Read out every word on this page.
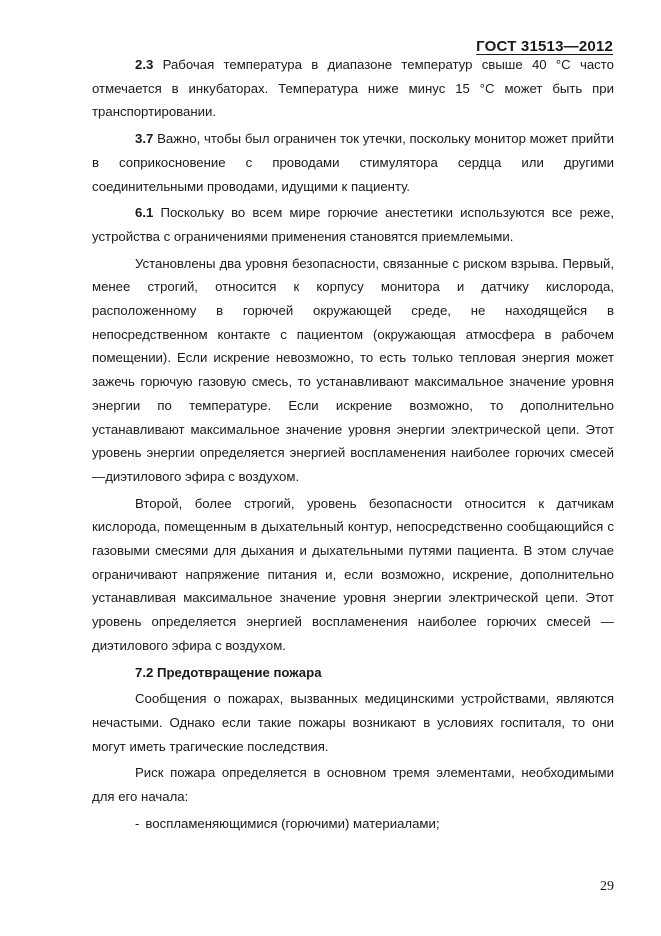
ГОСТ 31513—2012

2.3 Рабочая температура в диапазоне температур свыше 40 °С часто отмечается в инкубаторах. Температура ниже минус 15 °С может быть при транспортировании.

3.7 Важно, чтобы был ограничен ток утечки, поскольку монитор может прийти в соприкосновение с проводами стимулятора сердца или другими соединительными проводами, идущими к пациенту.

6.1 Поскольку во всем мире горючие анестетики используются все реже, устройства с ограничениями применения становятся приемлемыми.

Установлены два уровня безопасности, связанные с риском взрыва. Первый, менее строгий, относится к корпусу монитора и датчику кислорода, расположенному в горючей окружающей среде, не находящейся в непосредственном контакте с пациентом (окружающая атмосфера в рабочем помещении). Если искрение невозможно, то есть только тепловая энергия может зажечь горючую газовую смесь, то устанавливают максимальное значение уровня энергии по температуре. Если искрение возможно, то дополнительно устанавливают максимальное значение уровня энергии электрической цепи. Этот уровень энергии определяется энергией воспламенения наиболее горючих смесей —диэтилового эфира с воздухом.

Второй, более строгий, уровень безопасности относится к датчикам кислорода, помещенным в дыхательный контур, непосредственно сообщающийся с газовыми смесями для дыхания и дыхательными путями пациента. В этом случае ограничивают напряжение питания и, если возможно, искрение, дополнительно устанавливая максимальное значение уровня энергии электрической цепи. Этот уровень определяется энергией воспламенения наиболее горючих смесей — диэтилового эфира с воздухом.

7.2 Предотвращение пожара

Сообщения о пожарах, вызванных медицинскими устройствами, являются нечастыми. Однако если такие пожары возникают в условиях госпиталя, то они могут иметь трагические последствия.

Риск пожара определяется в основном тремя элементами, необходимыми для его начала:

- воспламеняющимися (горючими) материалами;

29
